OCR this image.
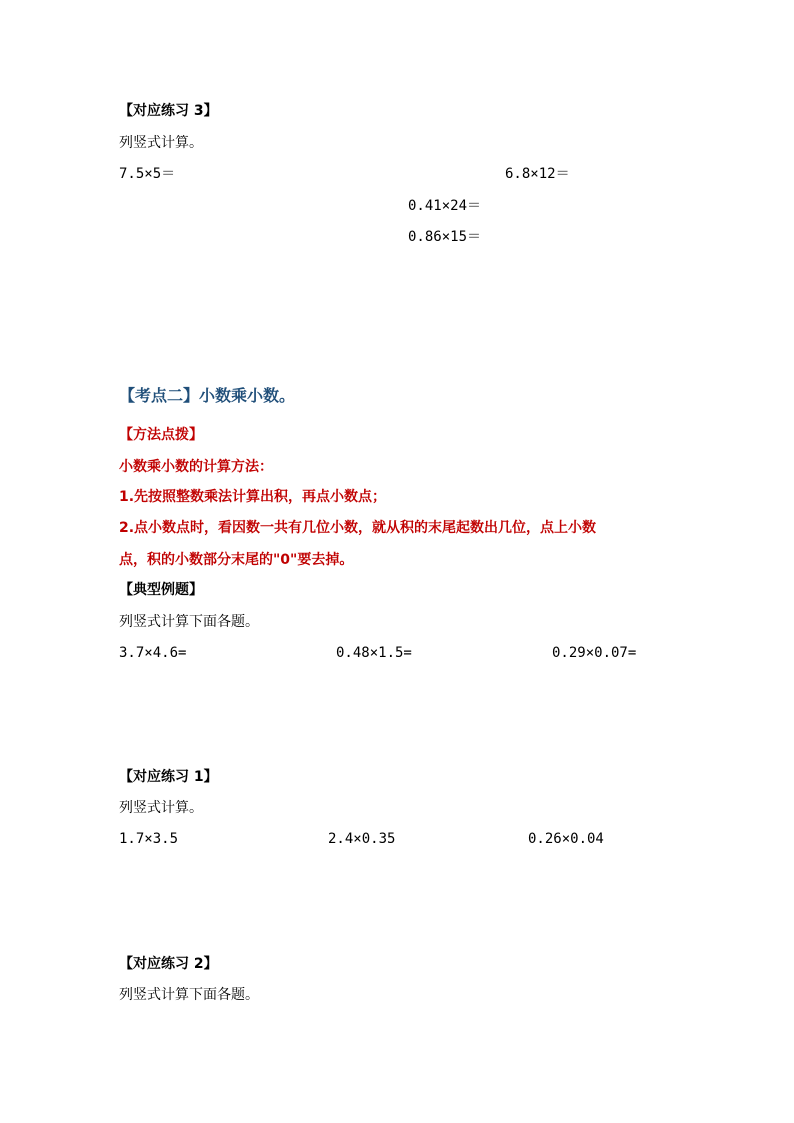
【对应练习 3】
列竖式计算。
7.5×5＝	6.8×12＝
0.41×24＝
0.86×15＝
【考点二】小数乘小数。
【方法点拨】
小数乘小数的计算方法：
1.先按照整数乘法计算出积，再点小数点；
2.点小数点时，看因数一共有几位小数，就从积的末尾起数出几位，点上小数
点，积的小数部分末尾的"0"要去掉。
【典型例题】
列竖式计算下面各题。
3.7×4.6=	0.48×1.5=	0.29×0.07=
【对应练习 1】
列竖式计算。
1.7×3.5	2.4×0.35	0.26×0.04
【对应练习 2】
列竖式计算下面各题。
